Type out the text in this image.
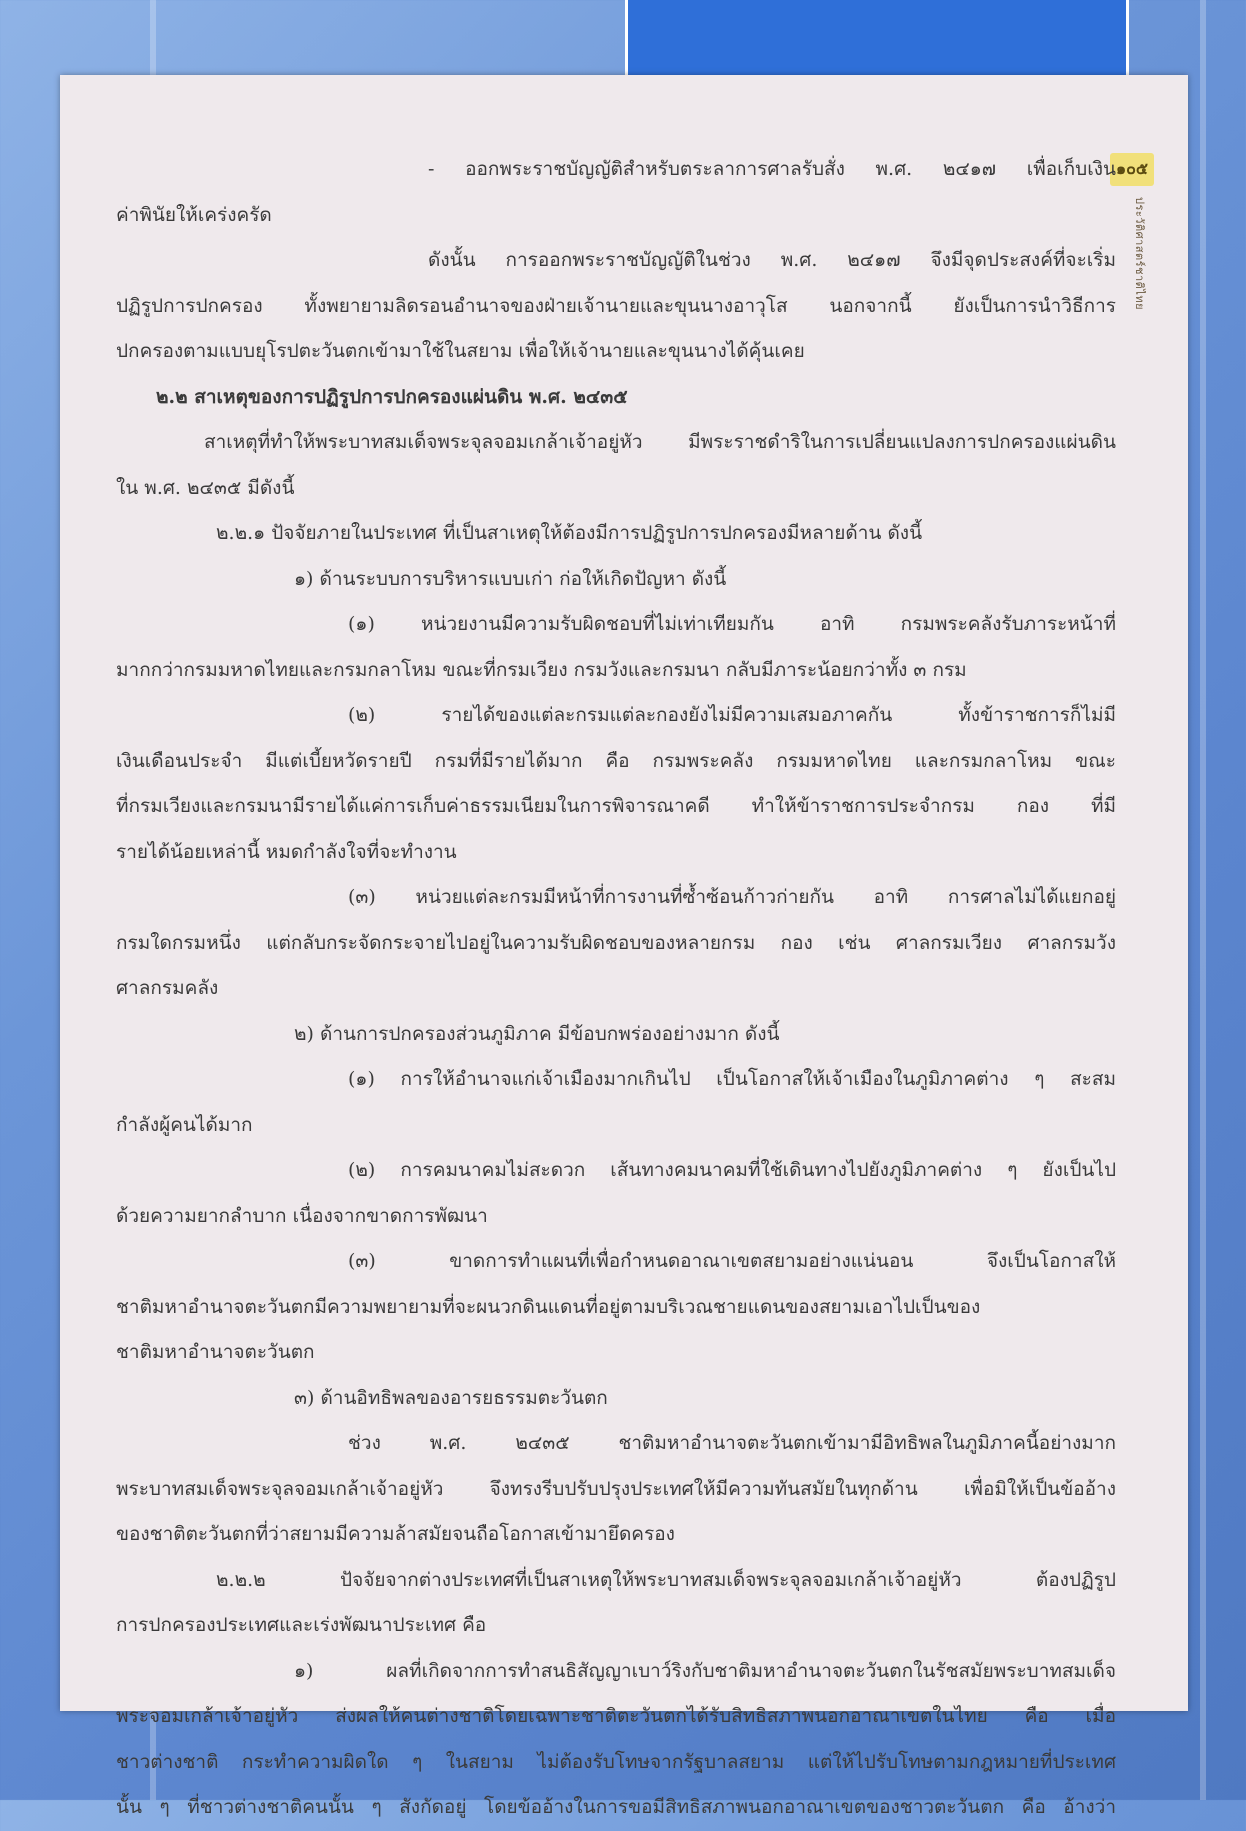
๑๐๕
ประวัติศาสตร์ชาติไทย
- ออกพระราชบัญญัติสำหรับตระลาการศาลรับสั่ง พ.ศ. ๒๔๑๗ เพื่อเก็บเงิน
ค่าพินัยให้เคร่งครัด
ดังนั้น การออกพระราชบัญญัติในช่วง พ.ศ. ๒๔๑๗ จึงมีจุดประสงค์ที่จะเริ่ม
ปฏิรูปการปกครอง ทั้งพยายามลิดรอนอำนาจของฝ่ายเจ้านายและขุนนางอาวุโส นอกจากนี้ ยังเป็นการนำวิธีการ
ปกครองตามแบบยุโรปตะวันตกเข้ามาใช้ในสยาม เพื่อให้เจ้านายและขุนนางได้คุ้นเคย
๒.๒ สาเหตุของการปฏิรูปการปกครองแผ่นดิน พ.ศ. ๒๔๓๕
สาเหตุที่ทำให้พระบาทสมเด็จพระจุลจอมเกล้าเจ้าอยู่หัว มีพระราชดำริในการเปลี่ยนแปลงการปกครองแผ่นดิน
ใน พ.ศ. ๒๔๓๕ มีดังนี้
๒.๒.๑ ปัจจัยภายในประเทศ ที่เป็นสาเหตุให้ต้องมีการปฏิรูปการปกครองมีหลายด้าน ดังนี้
๑) ด้านระบบการบริหารแบบเก่า ก่อให้เกิดปัญหา ดังนี้
(๑) หน่วยงานมีความรับผิดชอบที่ไม่เท่าเทียมกัน อาทิ กรมพระคลังรับภาระหน้าที่
มากกว่ากรมมหาดไทยและกรมกลาโหม ขณะที่กรมเวียง กรมวังและกรมนา กลับมีภาระน้อยกว่าทั้ง ๓ กรม
(๒) รายได้ของแต่ละกรมแต่ละกองยังไม่มีความเสมอภาคกัน ทั้งข้าราชการก็ไม่มี
เงินเดือนประจำ มีแต่เบี้ยหวัดรายปี กรมที่มีรายได้มาก คือ กรมพระคลัง กรมมหาดไทย และกรมกลาโหม ขณะ
ที่กรมเวียงและกรมนามีรายได้แค่การเก็บค่าธรรมเนียมในการพิจารณาคดี ทำให้ข้าราชการประจำกรม กอง ที่มี
รายได้น้อยเหล่านี้ หมดกำลังใจที่จะทำงาน
(๓) หน่วยแต่ละกรมมีหน้าที่การงานที่ซ้ำซ้อนก้าวก่ายกัน อาทิ การศาลไม่ได้แยกอยู่
กรมใดกรมหนึ่ง แต่กลับกระจัดกระจายไปอยู่ในความรับผิดชอบของหลายกรม กอง เช่น ศาลกรมเวียง ศาลกรมวัง
ศาลกรมคลัง
๒) ด้านการปกครองส่วนภูมิภาค มีข้อบกพร่องอย่างมาก ดังนี้
(๑) การให้อำนาจแก่เจ้าเมืองมากเกินไป เป็นโอกาสให้เจ้าเมืองในภูมิภาคต่าง ๆ สะสม
กำลังผู้คนได้มาก
(๒) การคมนาคมไม่สะดวก เส้นทางคมนาคมที่ใช้เดินทางไปยังภูมิภาคต่าง ๆ ยังเป็นไป
ด้วยความยากลำบาก เนื่องจากขาดการพัฒนา
(๓) ขาดการทำแผนที่เพื่อกำหนดอาณาเขตสยามอย่างแน่นอน จึงเป็นโอกาสให้
ชาติมหาอำนาจตะวันตกมีความพยายามที่จะผนวกดินแดนที่อยู่ตามบริเวณชายแดนของสยามเอาไปเป็นของ
ชาติมหาอำนาจตะวันตก
๓) ด้านอิทธิพลของอารยธรรมตะวันตก
ช่วง พ.ศ. ๒๔๓๕ ชาติมหาอำนาจตะวันตกเข้ามามีอิทธิพลในภูมิภาคนี้อย่างมาก
พระบาทสมเด็จพระจุลจอมเกล้าเจ้าอยู่หัว จึงทรงรีบปรับปรุงประเทศให้มีความทันสมัยในทุกด้าน เพื่อมิให้เป็นข้ออ้าง
ของชาติตะวันตกที่ว่าสยามมีความล้าสมัยจนถือโอกาสเข้ามายึดครอง
๒.๒.๒ ปัจจัยจากต่างประเทศที่เป็นสาเหตุให้พระบาทสมเด็จพระจุลจอมเกล้าเจ้าอยู่หัว ต้องปฏิรูป
การปกครองประเทศและเร่งพัฒนาประเทศ คือ
๑) ผลที่เกิดจากการทำสนธิสัญญาเบาว์ริงกับชาติมหาอำนาจตะวันตกในรัชสมัยพระบาทสมเด็จ
พระจอมเกล้าเจ้าอยู่หัว ส่งผลให้คนต่างชาติโดยเฉพาะชาติตะวันตกได้รับสิทธิสภาพนอกอาณาเขตในไทย คือ เมื่อ
ชาวต่างชาติ กระทำความผิดใด ๆ ในสยาม ไม่ต้องรับโทษจากรัฐบาลสยาม แต่ให้ไปรับโทษตามกฎหมายที่ประเทศ
นั้น ๆ ที่ชาวต่างชาติคนนั้น ๆ สังกัดอยู่ โดยข้ออ้างในการขอมีสิทธิสภาพนอกอาณาเขตของชาวตะวันตก คือ อ้างว่า
